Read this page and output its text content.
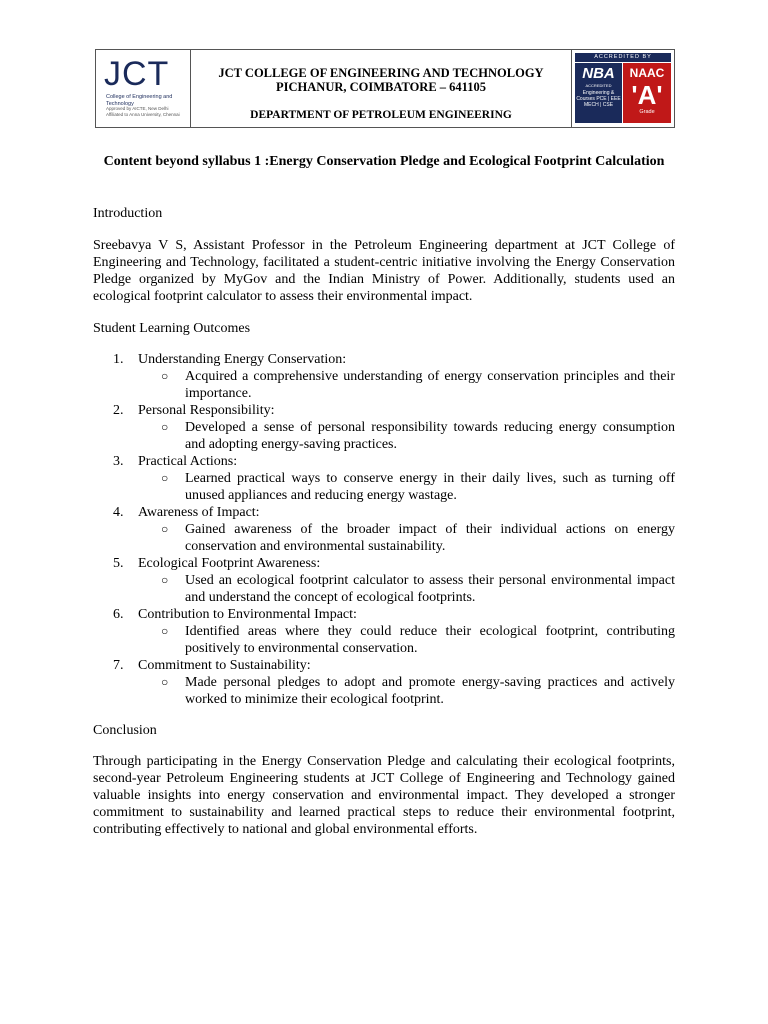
JCT
College of Engineering and Technology
Approved by AICTE, New Delhi Affiliated to Anna University, Chennai
JCT COLLEGE OF ENGINEERING AND TECHNOLOGY
PICHANUR, COIMBATORE – 641105
DEPARTMENT OF PETROLEUM ENGINEERING
ACCREDITED BY
NBA
ACCREDITED
Engineering & Courses PCE | EEE MECH | CSE
NAAC
'A'
Grade
Content beyond syllabus 1 :Energy Conservation Pledge and Ecological Footprint Calculation
Introduction
Sreebavya V S, Assistant Professor in the Petroleum Engineering department at JCT College of Engineering and Technology, facilitated a student-centric initiative involving the Energy Conservation Pledge organized by MyGov and the Indian Ministry of Power. Additionally, students used an ecological footprint calculator to assess their environmental impact.
Student Learning Outcomes
1.	Understanding Energy Conservation:
○ Acquired a comprehensive understanding of energy conservation principles and their importance.
2.	Personal Responsibility:
○ Developed a sense of personal responsibility towards reducing energy consumption and adopting energy-saving practices.
3.	Practical Actions:
○ Learned practical ways to conserve energy in their daily lives, such as turning off unused appliances and reducing energy wastage.
4.	Awareness of Impact:
○ Gained awareness of the broader impact of their individual actions on energy conservation and environmental sustainability.
5.	Ecological Footprint Awareness:
○ Used an ecological footprint calculator to assess their personal environmental impact and understand the concept of ecological footprints.
6.	Contribution to Environmental Impact:
○ Identified areas where they could reduce their ecological footprint, contributing positively to environmental conservation.
7.	Commitment to Sustainability:
○ Made personal pledges to adopt and promote energy-saving practices and actively worked to minimize their ecological footprint.
Conclusion
Through participating in the Energy Conservation Pledge and calculating their ecological footprints, second-year Petroleum Engineering students at JCT College of Engineering and Technology gained valuable insights into energy conservation and environmental impact. They developed a stronger commitment to sustainability and learned practical steps to reduce their environmental footprint, contributing effectively to national and global environmental efforts.
